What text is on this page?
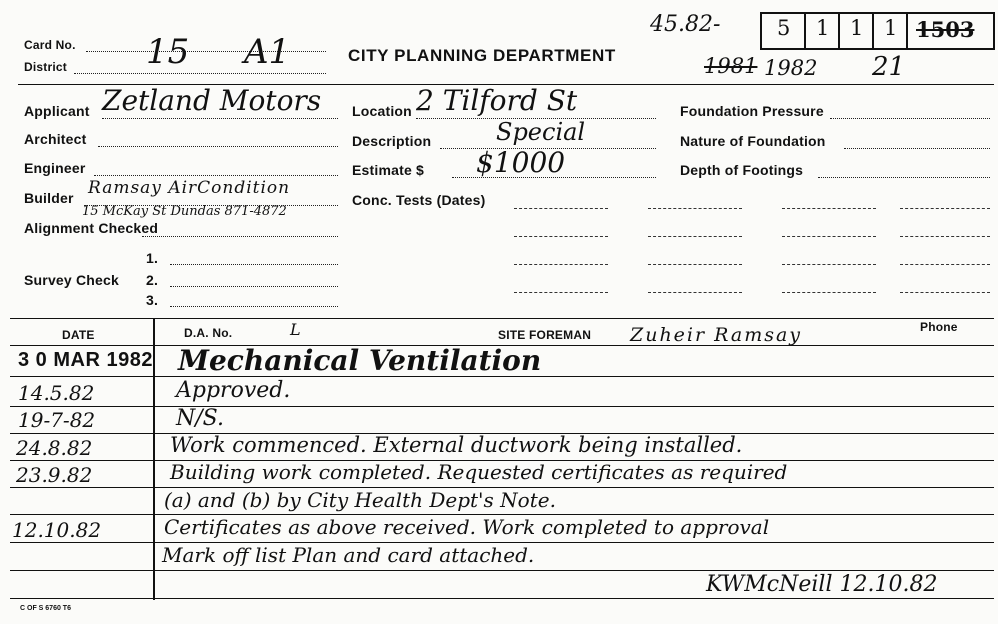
45.82-	5 1 1 1 1503
Card No. 15 A1
District
CITY PLANNING DEPARTMENT	1981 1982 21
Applicant Zetland Motors
Architect
Engineer
Ramsay AirCondition
Builder
15 McKay St Dundas 871-4872
Alignment Checked
1.
Survey Check 2.
3.
Location 2 Tilford St
Description	Special
Estimate $ $1000
Conc. Tests (Dates)
Foundation Pressure
Nature of Foundation
Depth of Footings
DATE	D.A. No.	L	SITE FOREMAN Zuheir Ramsay	Phone
3 0 MAR 1982 Mechanical Ventilation
14.5.82	Approved.
19-7-82	N/S.
24.8.82	Work commenced. External ductwork being installed.
23.9.82	Building work completed. Requested certificates as required
(a) and (b) by City Health Dept's Note.
12.10.82	Certificates as above received. Work completed to approval
Mark off list Plan and card attached.
KWMcNeill 12.10.82
C OF S 6760 T6
